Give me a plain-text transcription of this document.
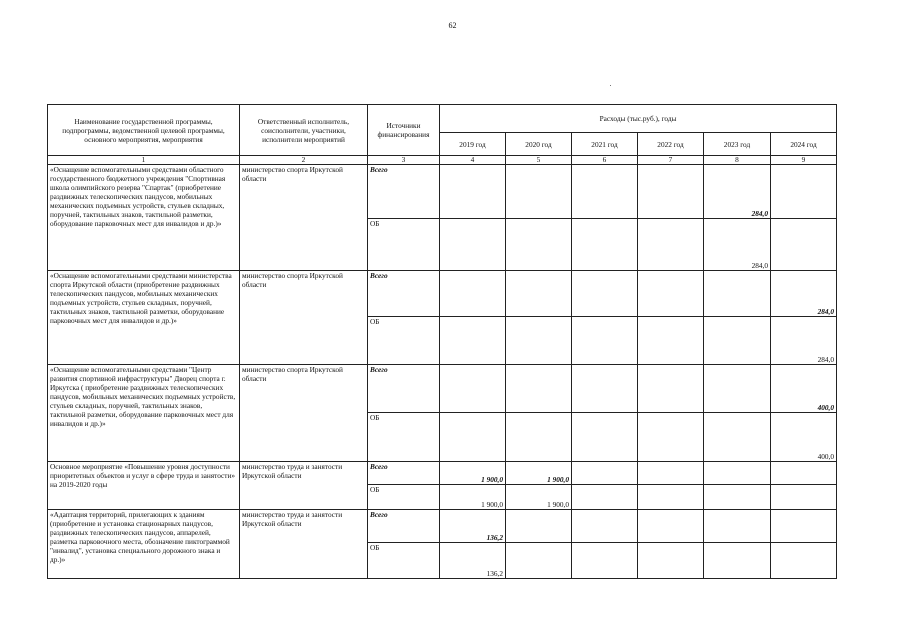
62
Наименование государственной программы, подпрограммы, ведомственной целевой программы, основного мероприятия, мероприятия	Ответственный исполнитель, соисполнители, участники, исполнители мероприятий	Источники финансирования	Расходы (тыс.руб.), годы					
			2019 год	2020 год	2021 год	2022 год	2023 год	2024 год
1	2	3	4	5	6	7	8	9
«Оснащение вспомогательными средствами областного государственного бюджетного учреждения "Спортивная школа олимпийского резерва "Спартак" (приобретение раздвижных телескопических пандусов, мобильных механических подъемных устройств, стульев складных, поручней, тактильных знаков, тактильной разметки, оборудование парковочных мест для инвалидов и др.)»	министерство спорта Иркутской области	Всего					284,0	
		ОБ					284,0	
«Оснащение вспомогательными средствами министерства спорта Иркутской области (приобретение раздвижных телескопических пандусов, мобильных механических подъемных устройств, стульев складных, поручней, тактильных знаков, тактильной разметки, оборудование парковочных мест для инвалидов и др.)»	министерство спорта Иркутской области	Всего						284,0
		ОБ						284,0
«Оснащение вспомогательными средствами "Центр развития спортивной инфраструктуры" Дворец спорта г. Иркутска ( приобретение раздвижных телескопических пандусов, мобильных механических подъемных устройств, стульев складных, поручней, тактильных знаков, тактильной разметки, оборудование парковочных мест для инвалидов и др.)»	министерство спорта Иркутской области	Всего						400,0
		ОБ						400,0
Основное мероприятие «Повышение уровня доступности приоритетных объектов и услуг в сфере труда и занятости» на 2019-2020 годы	министерство труда и занятости Иркутской области	Всего	1 900,0	1 900,0				
		ОБ	1 900,0	1 900,0				
«Адаптация территорий, прилегающих к зданиям (приобретение и установка стационарных пандусов, раздвижных телескопических пандусов, аппарелей, разметка парковочного места, обозначение пиктограммой "инвалид", установка специального дорожного знака и др.)»	министерство труда и занятости Иркутской области	Всего	136,2					
		ОБ	136,2					
